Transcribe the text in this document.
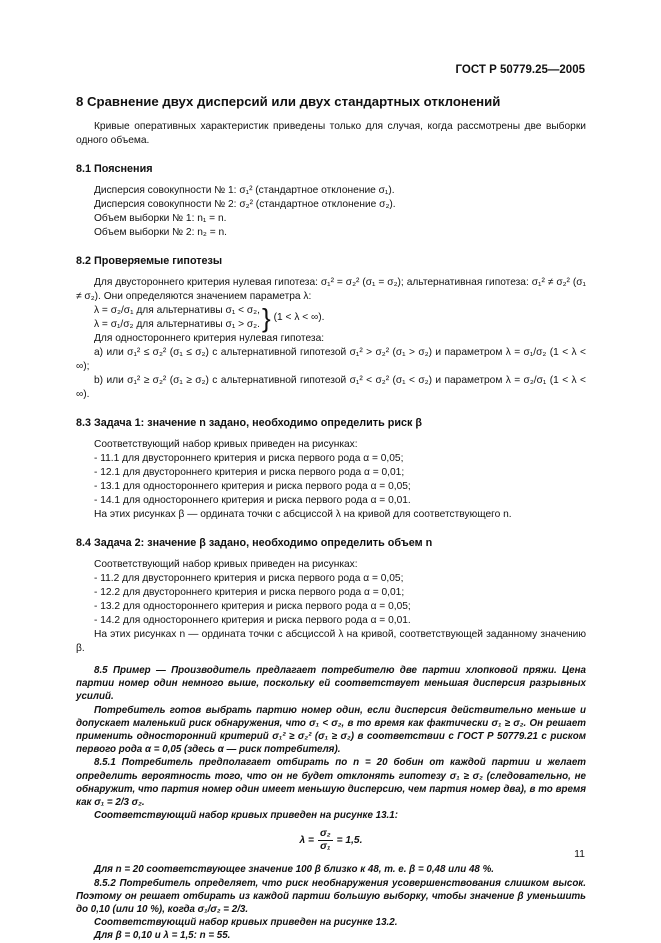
ГОСТ Р 50779.25—2005
8 Сравнение двух дисперсий или двух стандартных отклонений

Кривые оперативных характеристик приведены только для случая, когда рассмотрены две выборки одного объема.

8.1 Пояснения

Дисперсия совокупности № 1: σ₁² (стандартное отклонение σ₁).

Дисперсия совокупности № 2: σ₂² (стандартное отклонение σ₂).

Объем выборки № 1: n₁ = n.

Объем выборки № 2: n₂ = n.

8.2 Проверяемые гипотезы

Для двустороннего критерия нулевая гипотеза: σ₁² = σ₂² (σ₁ = σ₂); альтернативная гипотеза: σ₁² ≠ σ₂² (σ₁ ≠ σ₂). Они определяются значением параметра λ:

λ = σ₂/σ₁ для альтернативы σ₁ < σ₂,
λ = σ₁/σ₂ для альтернативы σ₁ > σ₂. } (1 < λ < ∞).

Для одностороннего критерия нулевая гипотеза:

а) или σ₁² ≤ σ₂² (σ₁ ≤ σ₂) с альтернативной гипотезой σ₁² > σ₂² (σ₁ > σ₂) и параметром λ = σ₁/σ₂ (1 < λ < ∞);

b) или σ₁² ≥ σ₂² (σ₁ ≥ σ₂) с альтернативной гипотезой σ₁² < σ₂² (σ₁ < σ₂) и параметром λ = σ₂/σ₁ (1 < λ < ∞).

8.3 Задача 1: значение n задано, необходимо определить риск β

Соответствующий набор кривых приведен на рисунках:

- 11.1 для двустороннего критерия и риска первого рода α = 0,05;

- 12.1 для двустороннего критерия и риска первого рода α = 0,01;

- 13.1 для одностороннего критерия и риска первого рода α = 0,05;

- 14.1 для одностороннего критерия и риска первого рода α = 0,01.

На этих рисунках β — ордината точки с абсциссой λ на кривой для соответствующего n.

8.4 Задача 2: значение β задано, необходимо определить объем n

Соответствующий набор кривых приведен на рисунках:

- 11.2 для двустороннего критерия и риска первого рода α = 0,05;

- 12.2 для двустороннего критерия и риска первого рода α = 0,01;

- 13.2 для одностороннего критерия и риска первого рода α = 0,05;

- 14.2 для одностороннего критерия и риска первого рода α = 0,01.

На этих рисунках n — ордината точки с абсциссой λ на кривой, соответствующей заданному значению β.

8.5 Пример — Производитель предлагает потребителю две партии хлопковой пряжи. Цена партии номер один немного выше, поскольку ей соответствует меньшая дисперсия разрывных усилий.

Потребитель готов выбрать партию номер один, если дисперсия действительно меньше и допускает маленький риск обнаружения, что σ₁ < σ₂, в то время как фактически σ₁ ≥ σ₂. Он решает применить односторонний критерий σ₁² ≥ σ₂² (σ₁ ≥ σ₂) в соответствии с ГОСТ Р 50779.21 с риском первого рода α = 0,05 (здесь α — риск потребителя).

8.5.1 Потребитель предполагает отбирать по n = 20 бобин от каждой партии и желает определить вероятность того, что он не будет отклонять гипотезу σ₁ ≥ σ₂ (следовательно, не обнаружит, что партия номер один имеет меньшую дисперсию, чем партия номер два), в то время как σ₁ = 2/3 σ₂.

Соответствующий набор кривых приведен на рисунке 13.1:

$\lambda = \frac{\text{σ₂}}{\text{σ₁}} = 1,5$.

Для n = 20 соответствующее значение 100 β близко к 48, т. е. β = 0,48 или 48 %.

8.5.2 Потребитель определяет, что риск необнаружения усовершенствования слишком высок. Поэтому он решает отбирать из каждой партии большую выборку, чтобы значение β уменьшить до 0,10 (или 10 %), когда σ₁/σ₂ = 2/3.

Соответствующий набор кривых приведен на рисунке 13.2.

Для β = 0,10 и λ = 1,5: n = 55.

11
